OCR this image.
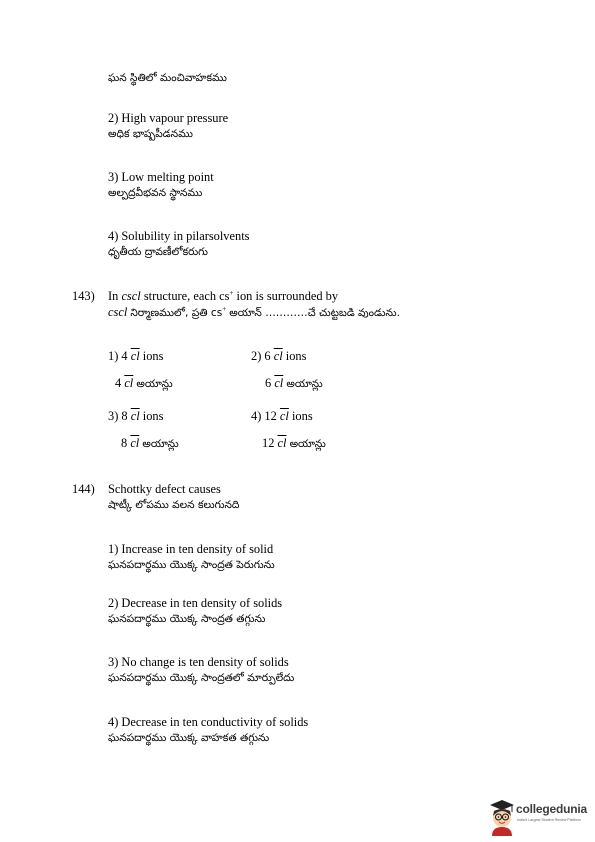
ఘన స్థితిలో మంచివాహకము
2) High vapour pressure
అధిక భాష్పపీడనము
3) Low melting point
అల్పద్రవీభవన స్థానము
4) Solubility in pilarsolvents
ధృతీయ ద్రావణీలోకరుగు
143) In cscl structure, each cs+ ion is surrounded by
cscl నిర్మాణములో, ప్రతి cs+ అయాన్ …………చే చుట్టబడి వుండును.
1) 4 $\overline{cl}$ ions	2) 6 $\overline{cl}$ ions
4 $\overline{cl}$ అయాన్లు	6 $\overline{cl}$ అయాన్లు
3) 8 $\overline{cl}$ ions	4) 12 $\overline{cl}$ ions
8 $\overline{cl}$ అయాన్లు	12 $\overline{cl}$ అయాన్లు
144) Schottky defect causes
షాట్కీ లోపము వలన కలుగునది
1) Increase in ten density of solid
ఘనపదార్థము యొక్క సాంద్రత పెరుగును
2) Decrease in ten density of solids
ఘనపదార్థము యొక్క సాంద్రత తగ్గును
3) No change is ten density of solids
ఘనపదార్థము యొక్క సాంద్రతలో మార్పులేదు
4) Decrease in ten conductivity of solids
ఘనపదార్థము యొక్క వాహకత తగ్గును
collegedunia
India's Largest Student Review Platform
